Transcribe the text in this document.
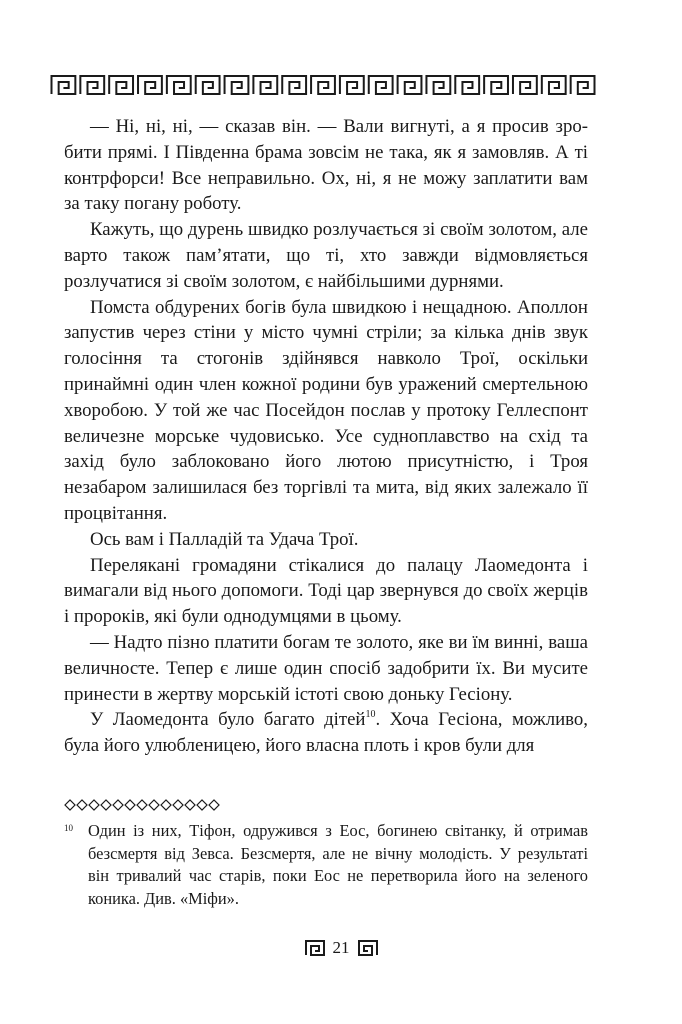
— Ні, ні, ні, — сказав він. — Вали вигнуті, а я просив зробити прямі. І Південна брама зовсім не така, як я замовляв. А ті контрфорси! Все неправильно. Ох, ні, я не можу заплатити вам за таку погану роботу.

Кажуть, що дурень швидко розлучається зі своїм золотом, але варто також пам’ятати, що ті, хто завжди відмовляється розлучатися зі своїм золотом, є найбільшими дурнями.

Помста обдурених богів була швидкою і нещадною. Аполлон запустив через стіни у місто чумні стріли; за кілька днів звук голосіння та стогонів здійнявся навколо Трої, оскільки принаймні один член кожної родини був уражений смертельною хворобою. У той же час Посейдон послав у протоку Геллеспонт величезне морське чудовисько. Усе судноплавство на схід та захід було заблоковано його лютою присутністю, і Троя незабаром залишилася без торгівлі та мита, від яких залежало її процвітання.

Ось вам і Палладій та Удача Трої.

Перелякані громадяни стікалися до палацу Лаомедонта і вимагали від нього допомоги. Тоді цар звернувся до своїх жерців і пророків, які були однодумцями в цьому.

— Надто пізно платити богам те золото, яке ви їм винні, ваша величносте. Тепер є лише один спосіб задобрити їх. Ви мусите принести в жертву морській істоті свою доньку Гесіону.

У Лаомедонта було багато дітей$^{10}$. Хоча Гесіона, можливо, була його улюбленицею, його власна плоть і кров були для

10 Один із них, Тіфон, одружився з Еос, богинею світанку, й отримав безсмертя від Зевса. Безсмертя, але не вічну молодість. У результаті він тривалий час старів, поки Еос не перетворила його на зеленого коника. Див. «Міфи».
21
